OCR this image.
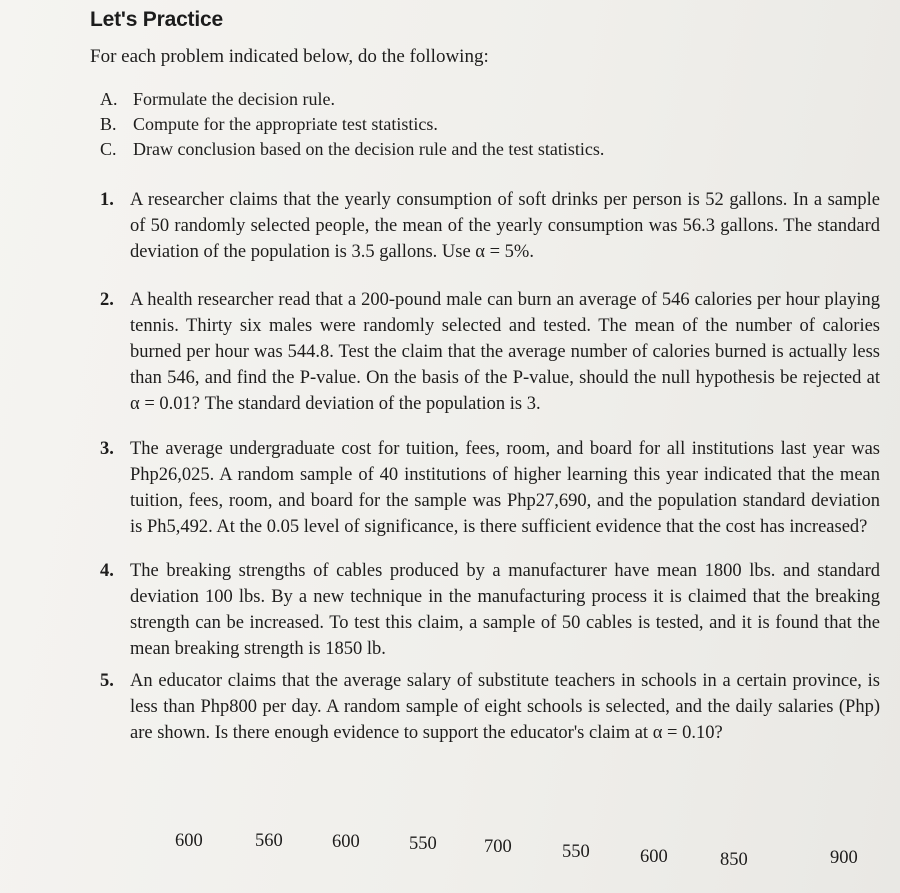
Let's Practice
For each problem indicated below, do the following:
A. Formulate the decision rule.
B. Compute for the appropriate test statistics.
C. Draw conclusion based on the decision rule and the test statistics.
1. A researcher claims that the yearly consumption of soft drinks per person is 52 gallons. In a sample of 50 randomly selected people, the mean of the yearly consumption was 56.3 gallons. The standard deviation of the population is 3.5 gallons. Use α = 5%.
2. A health researcher read that a 200-pound male can burn an average of 546 calories per hour playing tennis. Thirty six males were randomly selected and tested. The mean of the number of calories burned per hour was 544.8. Test the claim that the average number of calories burned is actually less than 546, and find the P-value. On the basis of the P-value, should the null hypothesis be rejected at α = 0.01? The standard deviation of the population is 3.
3. The average undergraduate cost for tuition, fees, room, and board for all institutions last year was Php26,025. A random sample of 40 institutions of higher learning this year indicated that the mean tuition, fees, room, and board for the sample was Php27,690, and the population standard deviation is Ph5,492. At the 0.05 level of significance, is there sufficient evidence that the cost has increased?
4. The breaking strengths of cables produced by a manufacturer have mean 1800 lbs. and standard deviation 100 lbs. By a new technique in the manufacturing process it is claimed that the breaking strength can be increased. To test this claim, a sample of 50 cables is tested, and it is found that the mean breaking strength is 1850 lb.
5. An educator claims that the average salary of substitute teachers in schools in a certain province, is less than Php800 per day. A random sample of eight schools is selected, and the daily salaries (Php) are shown. Is there enough evidence to support the educator's claim at α = 0.10?
600	560	600	550	700	550	600	850	900
